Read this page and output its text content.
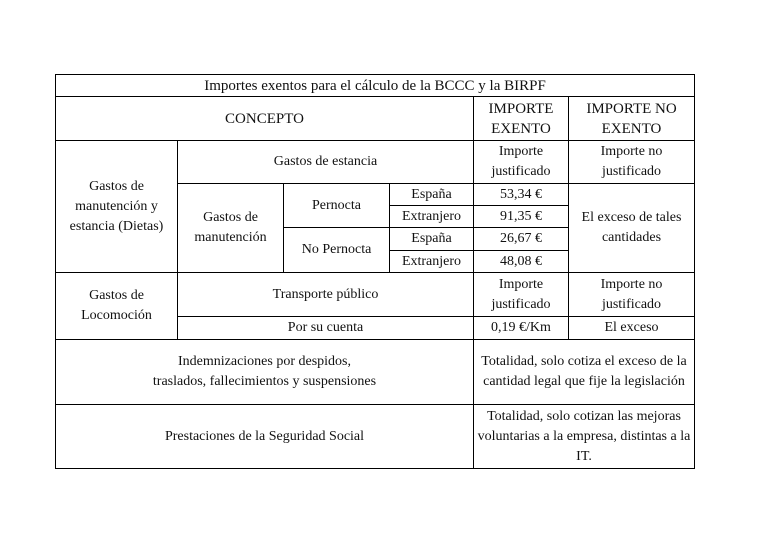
Importes exentos para el cálculo de la BCCC y la BIRPF					
CONCEPTO				IMPORTE EXENTO	IMPORTE NO EXENTO
Gastos de manutención y estancia (Dietas)	Gastos de estancia			Importe justificado	Importe no justificado
	Gastos de manutención	Pernocta	España	53,34 €	El exceso de tales cantidades
			Extranjero	91,35 €	
		No Pernocta	España	26,67 €	
			Extranjero	48,08 €	
Gastos de Locomoción	Transporte público			Importe justificado	Importe no justificado
	Por su cuenta			0,19 €/Km	El exceso
Indemnizaciones por despidos,
traslados, fallecimientos y suspensiones				Totalidad, solo cotiza el exceso de la cantidad legal que fije la legislación	
Prestaciones de la Seguridad Social				Totalidad, solo cotizan las mejoras voluntarias a la empresa, distintas a la IT.	
